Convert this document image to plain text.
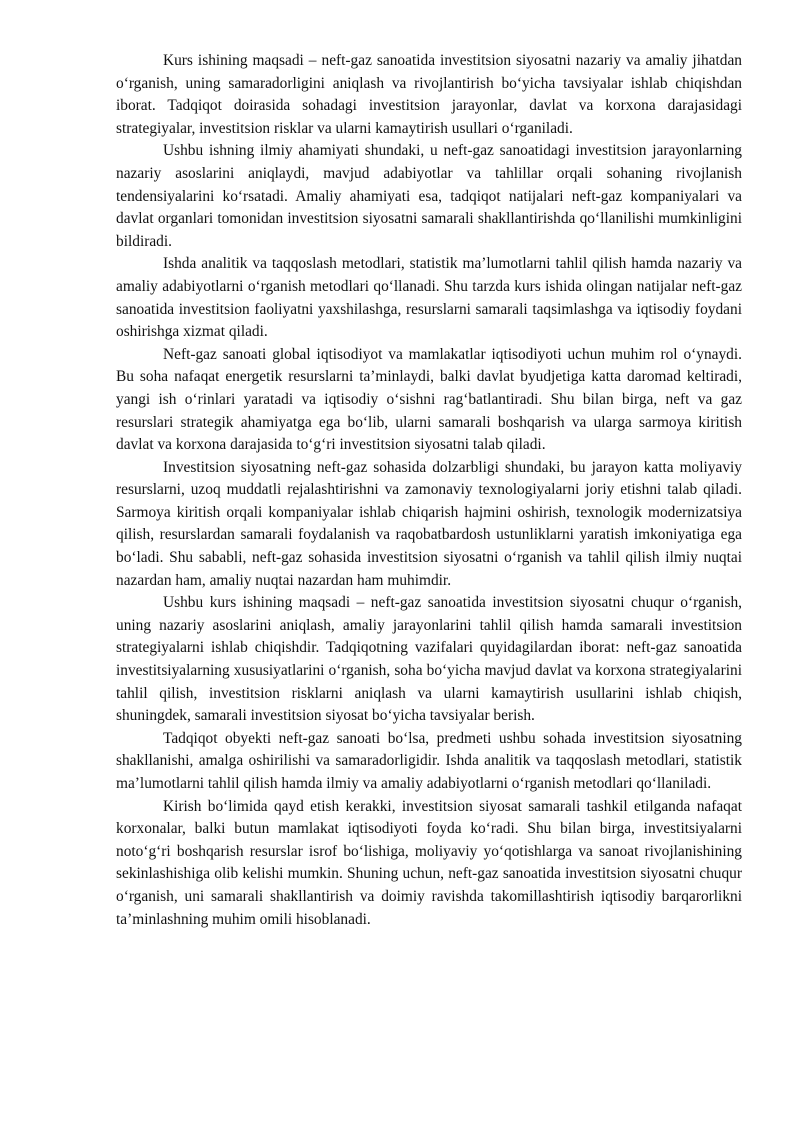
Kurs ishining maqsadi – neft-gaz sanoatida investitsion siyosatni nazariy va amaliy jihatdan o‘rganish, uning samaradorligini aniqlash va rivojlantirish bo‘yicha tavsiyalar ishlab chiqishdan iborat. Tadqiqot doirasida sohadagi investitsion jarayonlar, davlat va korxona darajasidagi strategiyalar, investitsion risklar va ularni kamaytirish usullari o‘rganiladi.

Ushbu ishning ilmiy ahamiyati shundaki, u neft-gaz sanoatidagi investitsion jarayonlarning nazariy asoslarini aniqlaydi, mavjud adabiyotlar va tahlillar orqali sohaning rivojlanish tendensiyalarini ko‘rsatadi. Amaliy ahamiyati esa, tadqiqot natijalari neft-gaz kompaniyalari va davlat organlari tomonidan investitsion siyosatni samarali shakllantirishda qo‘llanilishi mumkinligini bildiradi.

Ishda analitik va taqqoslash metodlari, statistik ma’lumotlarni tahlil qilish hamda nazariy va amaliy adabiyotlarni o‘rganish metodlari qo‘llanadi. Shu tarzda kurs ishida olingan natijalar neft-gaz sanoatida investitsion faoliyatni yaxshilashga, resurslarni samarali taqsimlashga va iqtisodiy foydani oshirishga xizmat qiladi.

Neft-gaz sanoati global iqtisodiyot va mamlakatlar iqtisodiyoti uchun muhim rol o‘ynaydi. Bu soha nafaqat energetik resurslarni ta’minlaydi, balki davlat byudjetiga katta daromad keltiradi, yangi ish o‘rinlari yaratadi va iqtisodiy o‘sishni rag‘batlantiradi. Shu bilan birga, neft va gaz resurslari strategik ahamiyatga ega bo‘lib, ularni samarali boshqarish va ularga sarmoya kiritish davlat va korxona darajasida to‘g‘ri investitsion siyosatni talab qiladi.

Investitsion siyosatning neft-gaz sohasida dolzarbligi shundaki, bu jarayon katta moliyaviy resurslarni, uzoq muddatli rejalashtirishni va zamonaviy texnologiyalarni joriy etishni talab qiladi. Sarmoya kiritish orqali kompaniyalar ishlab chiqarish hajmini oshirish, texnologik modernizatsiya qilish, resurslardan samarali foydalanish va raqobatbardosh ustunliklarni yaratish imkoniyatiga ega bo‘ladi. Shu sababli, neft-gaz sohasida investitsion siyosatni o‘rganish va tahlil qilish ilmiy nuqtai nazardan ham, amaliy nuqtai nazardan ham muhimdir.

Ushbu kurs ishining maqsadi – neft-gaz sanoatida investitsion siyosatni chuqur o‘rganish, uning nazariy asoslarini aniqlash, amaliy jarayonlarini tahlil qilish hamda samarali investitsion strategiyalarni ishlab chiqishdir. Tadqiqotning vazifalari quyidagilardan iborat: neft-gaz sanoatida investitsiyalarning xususiyatlarini o‘rganish, soha bo‘yicha mavjud davlat va korxona strategiyalarini tahlil qilish, investitsion risklarni aniqlash va ularni kamaytirish usullarini ishlab chiqish, shuningdek, samarali investitsion siyosat bo‘yicha tavsiyalar berish.

Tadqiqot obyekti neft-gaz sanoati bo‘lsa, predmeti ushbu sohada investitsion siyosatning shakllanishi, amalga oshirilishi va samaradorligidir. Ishda analitik va taqqoslash metodlari, statistik ma’lumotlarni tahlil qilish hamda ilmiy va amaliy adabiyotlarni o‘rganish metodlari qo‘llaniladi.

Kirish bo‘limida qayd etish kerakki, investitsion siyosat samarali tashkil etilganda nafaqat korxonalar, balki butun mamlakat iqtisodiyoti foyda ko‘radi. Shu bilan birga, investitsiyalarni noto‘g‘ri boshqarish resurslar isrof bo‘lishiga, moliyaviy yo‘qotishlarga va sanoat rivojlanishining sekinlashishiga olib kelishi mumkin. Shuning uchun, neft-gaz sanoatida investitsion siyosatni chuqur o‘rganish, uni samarali shakllantirish va doimiy ravishda takomillashtirish iqtisodiy barqarorlikni ta’minlashning muhim omili hisoblanadi.
